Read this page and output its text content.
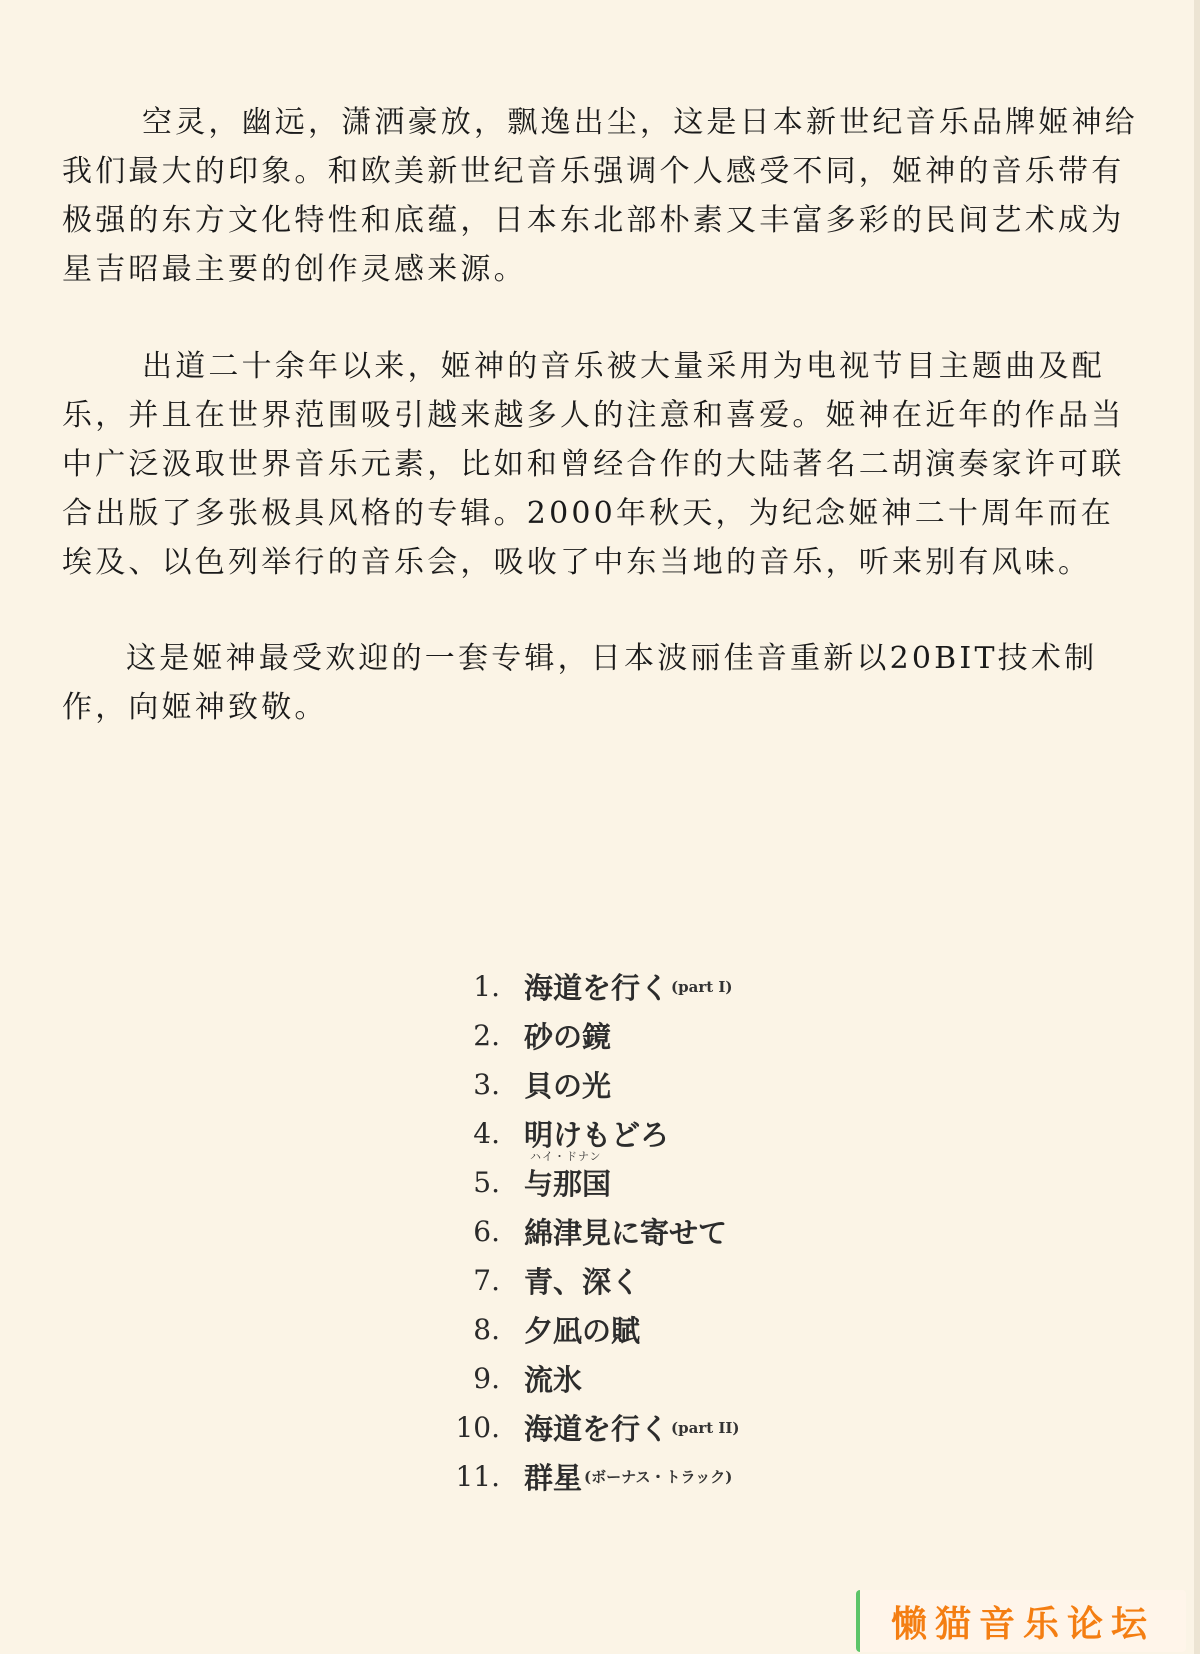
空灵，幽远，潇洒豪放，飘逸出尘，这是日本新世纪音乐品牌姬神给我们最大的印象。和欧美新世纪音乐强调个人感受不同，姬神的音乐带有极强的东方文化特性和底蕴，日本东北部朴素又丰富多彩的民间艺术成为星吉昭最主要的创作灵感来源。

出道二十余年以来，姬神的音乐被大量采用为电视节目主题曲及配乐，并且在世界范围吸引越来越多人的注意和喜爱。姬神在近年的作品当中广泛汲取世界音乐元素，比如和曾经合作的大陆著名二胡演奏家许可联合出版了多张极具风格的专辑。2000年秋天，为纪念姬神二十周年而在埃及、以色列举行的音乐会，吸收了中东当地的音乐，听来别有风味。

这是姬神最受欢迎的一套专辑，日本波丽佳音重新以20BIT技术制作，向姬神致敬。

1. 海道を行く (part I)
2. 砂の鏡
3. 貝の光
4. 明けもどろ
5.
ハイ・ドナン
与那国
6. 綿津見に寄せて
7. 青、深く
8. 夕凪の賦
9. 流氷
10. 海道を行く (part II)
11. 群星 (ボーナス・トラック)
懒猫音乐论坛
